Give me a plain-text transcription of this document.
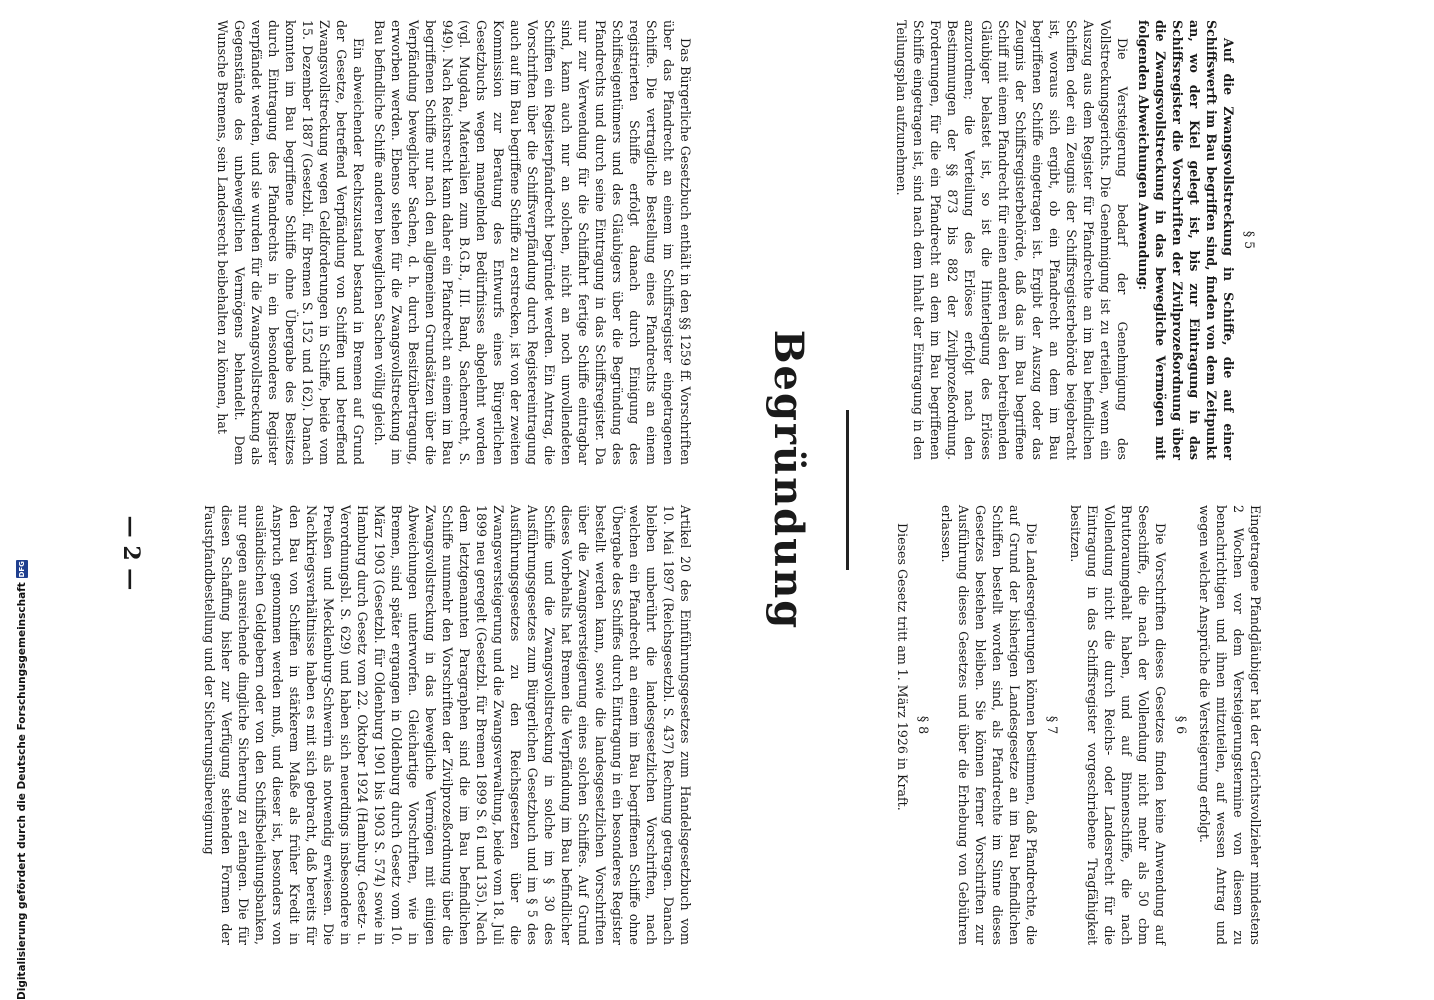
§ 5

Auf die Zwangsvollstreckung in Schiffe, die auf einer Schiffswerft im Bau begriffen sind, finden von dem Zeitpunkt an, wo der Kiel gelegt ist, bis zur Eintragung in das Schiffsregister die Vorschriften der Zivilprozeßordnung über die Zwangsvollstreckung in das bewegliche Vermögen mit folgenden Abweichungen Anwendung:

Die Versteigerung bedarf der Genehmigung des Vollstreckungsgerichts. Die Genehmigung ist zu erteilen, wenn ein Auszug aus dem Register für Pfandrechte an im Bau befindlichen Schiffen oder ein Zeugnis der Schiffsregisterbehörde beigebracht ist, woraus sich ergibt, ob ein Pfandrecht an dem im Bau begriffenen Schiffe eingetragen ist. Ergibt der Auszug oder das Zeugnis der Schiffsregisterbehörde, daß das im Bau begriffene Schiff mit einem Pfandrecht für einen anderen als den betreibenden Gläubiger belastet ist, so ist die Hinterlegung des Erlöses anzuordnen; die Verteilung des Erlöses erfolgt nach den Bestimmungen der §§ 873 bis 882 der Zivilprozeßordnung. Forderungen, für die ein Pfandrecht an dem im Bau begriffenen Schiffe eingetragen ist, sind nach dem Inhalt der Eintragung in den Teilungsplan aufzunehmen.

Eingetragene Pfandgläubiger hat der Gerichtsvollzieher mindestens 2 Wochen vor dem Versteigerungstermine von diesem zu benachrichtigen und ihnen mitzuteilen, auf wessen Antrag und wegen welcher Ansprüche die Versteigerung erfolgt.

§ 6

Die Vorschriften dieses Gesetzes finden keine Anwendung auf Seeschiffe, die nach der Vollendung nicht mehr als 50 cbm Bruttoraumgehalt haben, und auf Binnenschiffe, die nach Vollendung nicht die durch Reichs- oder Landesrecht für die Eintragung in das Schiffsregister vorgeschriebene Tragfähigkeit besitzen.

§ 7

Die Landesregierungen können bestimmen, daß Pfandrechte, die auf Grund der bisherigen Landesgesetze an im Bau befindlichen Schiffen bestellt worden sind, als Pfandrechte im Sinne dieses Gesetzes bestehen bleiben. Sie können ferner Vorschriften zur Ausführung dieses Gesetzes und über die Erhebung von Gebühren erlassen.

§ 8

Dieses Gesetz tritt am 1. März 1926 in Kraft.

Begründung

Das Bürgerliche Gesetzbuch enthält in den §§ 1259 ff. Vorschriften über das Pfandrecht an einem im Schiffsregister eingetragenen Schiffe. Die vertragliche Bestellung eines Pfandrechts an einem registrierten Schiffe erfolgt danach durch Einigung des Schiffseigentümers und des Gläubigers über die Begründung des Pfandrechts und durch seine Eintragung in das Schiffsregister. Da nur zur Verwendung für die Schiffahrt fertige Schiffe eintragbar sind, kann auch nur an solchen, nicht an noch unvollendeten Schiffen ein Registerpfandrecht begründet werden. Ein Antrag, die Vorschriften über die Schiffsverpfändung durch Registereintragung auch auf im Bau begriffene Schiffe zu erstrecken, ist von der zweiten Kommission zur Beratung des Entwurfs eines Bürgerlichen Gesetzbuchs wegen mangelnden Bedürfnisses abgelehnt worden (vgl. Mugdan, Materialien zum B.G.B., III. Band, Sachenrecht, S. 949). Nach Reichsrecht kann daher ein Pfandrecht an einem im Bau begriffenen Schiffe nur nach den allgemeinen Grundsätzen über die Verpfändung beweglicher Sachen, d. h. durch Besitzübertragung, erworben werden. Ebenso stehen für die Zwangsvollstreckung im Bau befindliche Schiffe anderen beweglichen Sachen völlig gleich.

Ein abweichender Rechtszustand bestand in Bremen auf Grund der Gesetze, betreffend Verpfändung von Schiffen und betreffend Zwangsvollstreckung wegen Geldforderungen in Schiffe, beide vom 15. Dezember 1887 (Gesetzbl. für Bremen S. 152 und 162). Danach konnten im Bau begriffene Schiffe ohne Übergabe des Besitzes durch Eintragung des Pfandrechts in ein besonderes Register verpfändet werden, und sie wurden für die Zwangsvollstreckung als Gegenstände des unbeweglichen Vermögens behandelt. Dem Wunsche Bremens, sein Landesrecht beibehalten zu können, hat

Artikel 20 des Einführungsgesetzes zum Handelsgesetzbuch vom 10. Mai 1897 (Reichsgesetzbl. S. 437) Rechnung getragen. Danach bleiben unberührt die landesgesetzlichen Vorschriften, nach welchen ein Pfandrecht an einem im Bau begriffenen Schiffe ohne Übergabe des Schiffes durch Eintragung in ein besonderes Register bestellt werden kann, sowie die landesgesetzlichen Vorschriften über die Zwangsversteigerung eines solchen Schiffes. Auf Grund dieses Vorbehalts hat Bremen die Verpfändung im Bau befindlicher Schiffe und die Zwangsvollstreckung in solche im § 30 des Ausführungsgesetzes zum Bürgerlichen Gesetzbuch und im § 5 des Ausführungsgesetzes zu den Reichsgesetzen über die Zwangsversteigerung und die Zwangsverwaltung, beide vom 18. Juli 1899 neu geregelt (Gesetzbl. für Bremen 1899 S. 61 und 135). Nach dem letztgenannten Paragraphen sind die im Bau befindlichen Schiffe nunmehr den Vorschriften der Zivilprozeßordnung über die Zwangsvollstreckung in das bewegliche Vermögen mit einigen Abweichungen unterworfen. Gleichartige Vorschriften, wie in Bremen, sind später ergangen in Oldenburg durch Gesetz vom 10. März 1903 (Gesetzbl. für Oldenburg 1901 bis 1903 S. 574) sowie in Hamburg durch Gesetz vom 22. Oktober 1924 (Hamburg. Gesetz- u. Verordnungsbl. S. 629) und haben sich neuerdings insbesondere in Preußen und Mecklenburg-Schwerin als notwendig erwiesen. Die Nachkriegsverhältnisse haben es mit sich gebracht, daß bereits für den Bau von Schiffen in stärkerem Maße als früher Kredit in Anspruch genommen werden muß, und dieser ist, besonders von ausländischen Geldgebern oder von den Schiffsbeleihungsbanken, nur gegen ausreichende dingliche Sicherung zu erlangen. Die für diesen Schaffung bisher zur Verfügung stehenden Formen der Faustpfandbestellung und der Sicherungsübereignung

— 2 —
Digitalisierung gefördert durch die Deutsche Forschungsgemeinschaft
DFG
